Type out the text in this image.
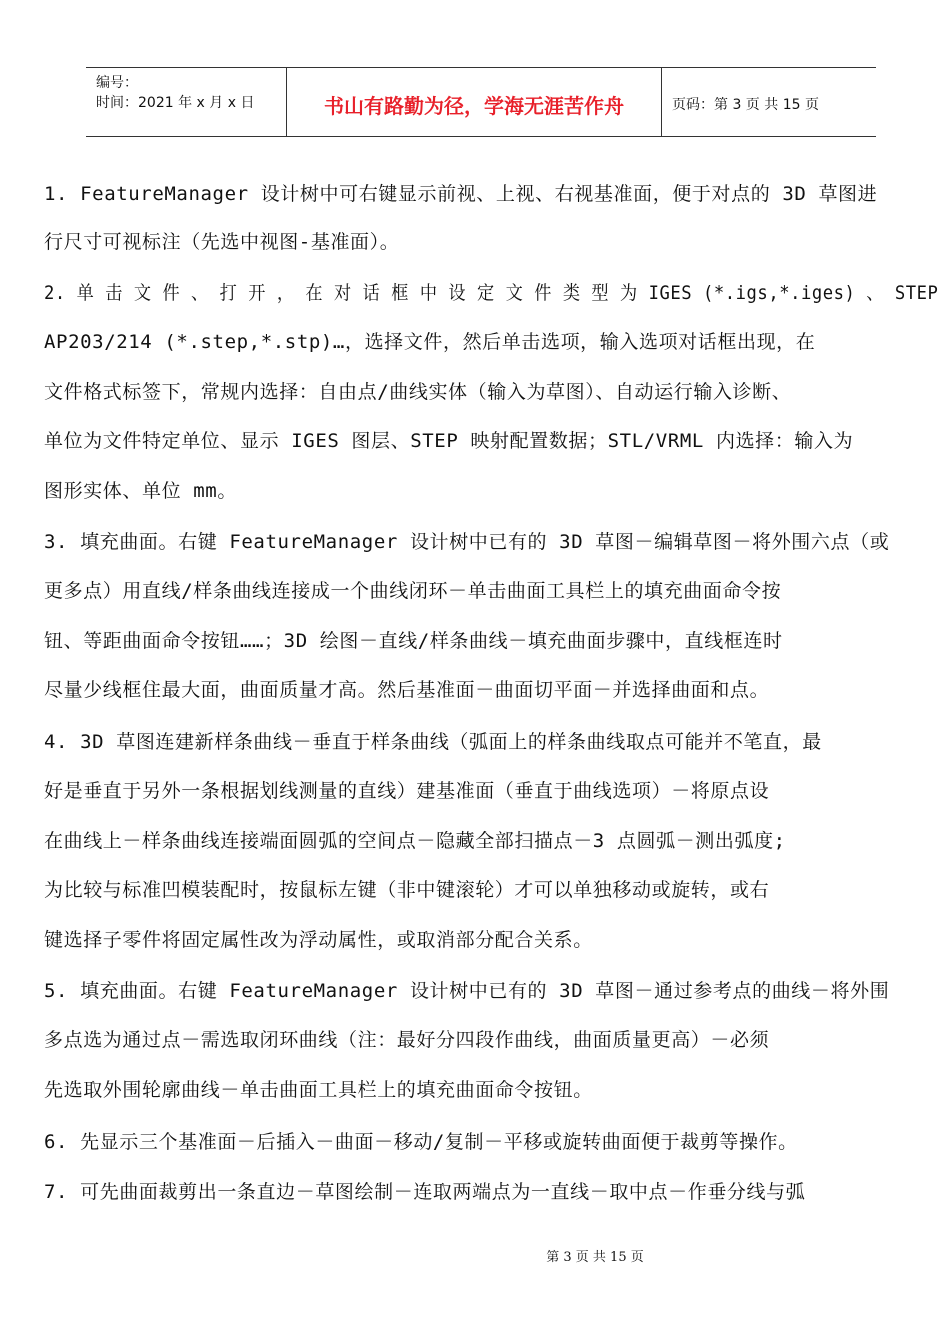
编号：
时间：2021 年 x 月 x 日	书山有路勤为径，学海无涯苦作舟	页码：第 3 页 共 15 页
1. FeatureManager 设计树中可右键显示前视、上视、右视基准面，便于对点的 3D 草图进
行尺寸可视标注（先选中视图-基准面）。
2. 单 击 文 件 、 打 开 ， 在 对 话 框 中 设 定 文 件 类 型 为 IGES (*.igs,*.iges) 、 STEP
AP203/214 (*.step,*.stp)…，选择文件，然后单击选项，输入选项对话框出现，在
文件格式标签下，常规内选择：自由点/曲线实体（输入为草图）、自动运行输入诊断、
单位为文件特定单位、显示 IGES 图层、STEP 映射配置数据；STL/VRML 内选择：输入为
图形实体、单位 mm。
3. 填充曲面。右键 FeatureManager 设计树中已有的 3D 草图－编辑草图－将外围六点（或
更多点）用直线/样条曲线连接成一个曲线闭环－单击曲面工具栏上的填充曲面命令按
钮、等距曲面命令按钮……；3D 绘图－直线/样条曲线－填充曲面步骤中，直线框连时
尽量少线框住最大面，曲面质量才高。然后基准面－曲面切平面－并选择曲面和点。
4. 3D 草图连建新样条曲线－垂直于样条曲线（弧面上的样条曲线取点可能并不笔直，最
好是垂直于另外一条根据划线测量的直线）建基准面（垂直于曲线选项）－将原点设
在曲线上－样条曲线连接端面圆弧的空间点－隐藏全部扫描点－3 点圆弧－测出弧度;
为比较与标准凹模装配时，按鼠标左键（非中键滚轮）才可以单独移动或旋转，或右
键选择子零件将固定属性改为浮动属性，或取消部分配合关系。
5. 填充曲面。右键 FeatureManager 设计树中已有的 3D 草图－通过参考点的曲线－将外围
多点选为通过点－需选取闭环曲线（注：最好分四段作曲线，曲面质量更高）－必须
先选取外围轮廓曲线－单击曲面工具栏上的填充曲面命令按钮。
6. 先显示三个基准面－后插入－曲面－移动/复制－平移或旋转曲面便于裁剪等操作。
7. 可先曲面裁剪出一条直边－草图绘制－连取两端点为一直线－取中点－作垂分线与弧
第 3 页 共 15 页
